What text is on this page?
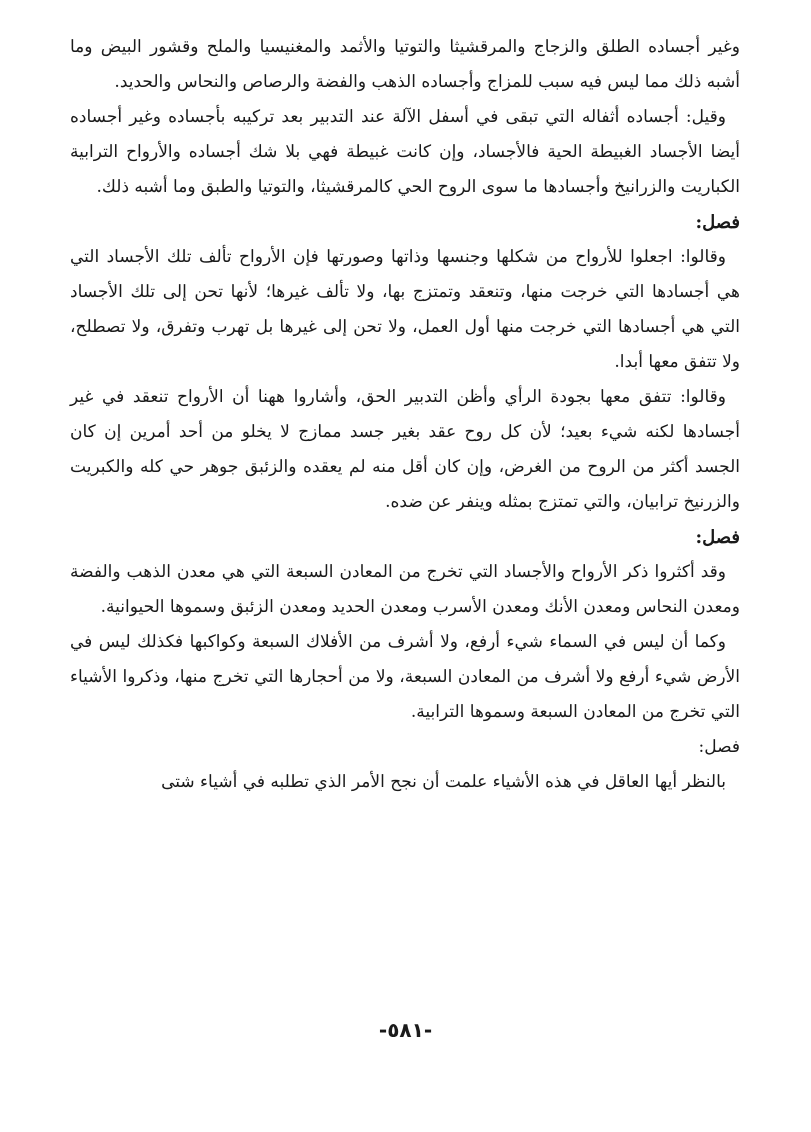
وغير أجساده الطلق والزجاج والمرقشيثا والتوتيا والأثمد والمغنيسيا والملح وقشور البيض وما أشبه ذلك مما ليس فيه سبب للمزاج وأجساده الذهب والفضة والرصاص والنحاس والحديد.

وقيل: أجساده أثفاله التي تبقى في أسفل الآلة عند التدبير بعد تركيبه بأجساده وغير أجساده أيضا الأجساد الغبيطة الحية فالأجساد، وإن كانت غبيطة فهي بلا شك أجساده والأرواح الترابية الكباريت والزرانيخ وأجسادها ما سوى الروح الحي كالمرقشيثا، والتوتيا والطبق وما أشبه ذلك.

فصل:

وقالوا: اجعلوا للأرواح من شكلها وجنسها وذاتها وصورتها فإن الأرواح تألف تلك الأجساد التي هي أجسادها التي خرجت منها، وتنعقد وتمتزج بها، ولا تألف غيرها؛ لأنها تحن إلى تلك الأجساد التي هي أجسادها التي خرجت منها أول العمل، ولا تحن إلى غيرها بل تهرب وتفرق، ولا تصطلح، ولا تتفق معها أبدا.

وقالوا: تتفق معها بجودة الرأي وأظن التدبير الحق، وأشاروا ههنا أن الأرواح تنعقد في غير أجسادها لكنه شيء بعيد؛ لأن كل روح عقد بغير جسد ممازج لا يخلو من أحد أمرين إن كان الجسد أكثر من الروح من الغرض، وإن كان أقل منه لم يعقده والزئبق جوهر حي كله والكبريت والزرنيخ ترابيان، والتي تمتزج بمثله وينفر عن ضده.

فصل:

وقد أكثروا ذكر الأرواح والأجساد التي تخرج من المعادن السبعة التي هي معدن الذهب والفضة ومعدن النحاس ومعدن الأنك ومعدن الأسرب ومعدن الحديد ومعدن الزئبق وسموها الحيوانية.

وكما أن ليس في السماء شيء أرفع، ولا أشرف من الأفلاك السبعة وكواكبها فكذلك ليس في الأرض شيء أرفع ولا أشرف من المعادن السبعة، ولا من أحجارها التي تخرج منها، وذكروا الأشياء التي تخرج من المعادن السبعة وسموها الترابية.

فصل:

بالنظر أيها العاقل في هذه الأشياء علمت أن نجح الأمر الذي تطلبه في أشياء شتى

-٥٨١-
